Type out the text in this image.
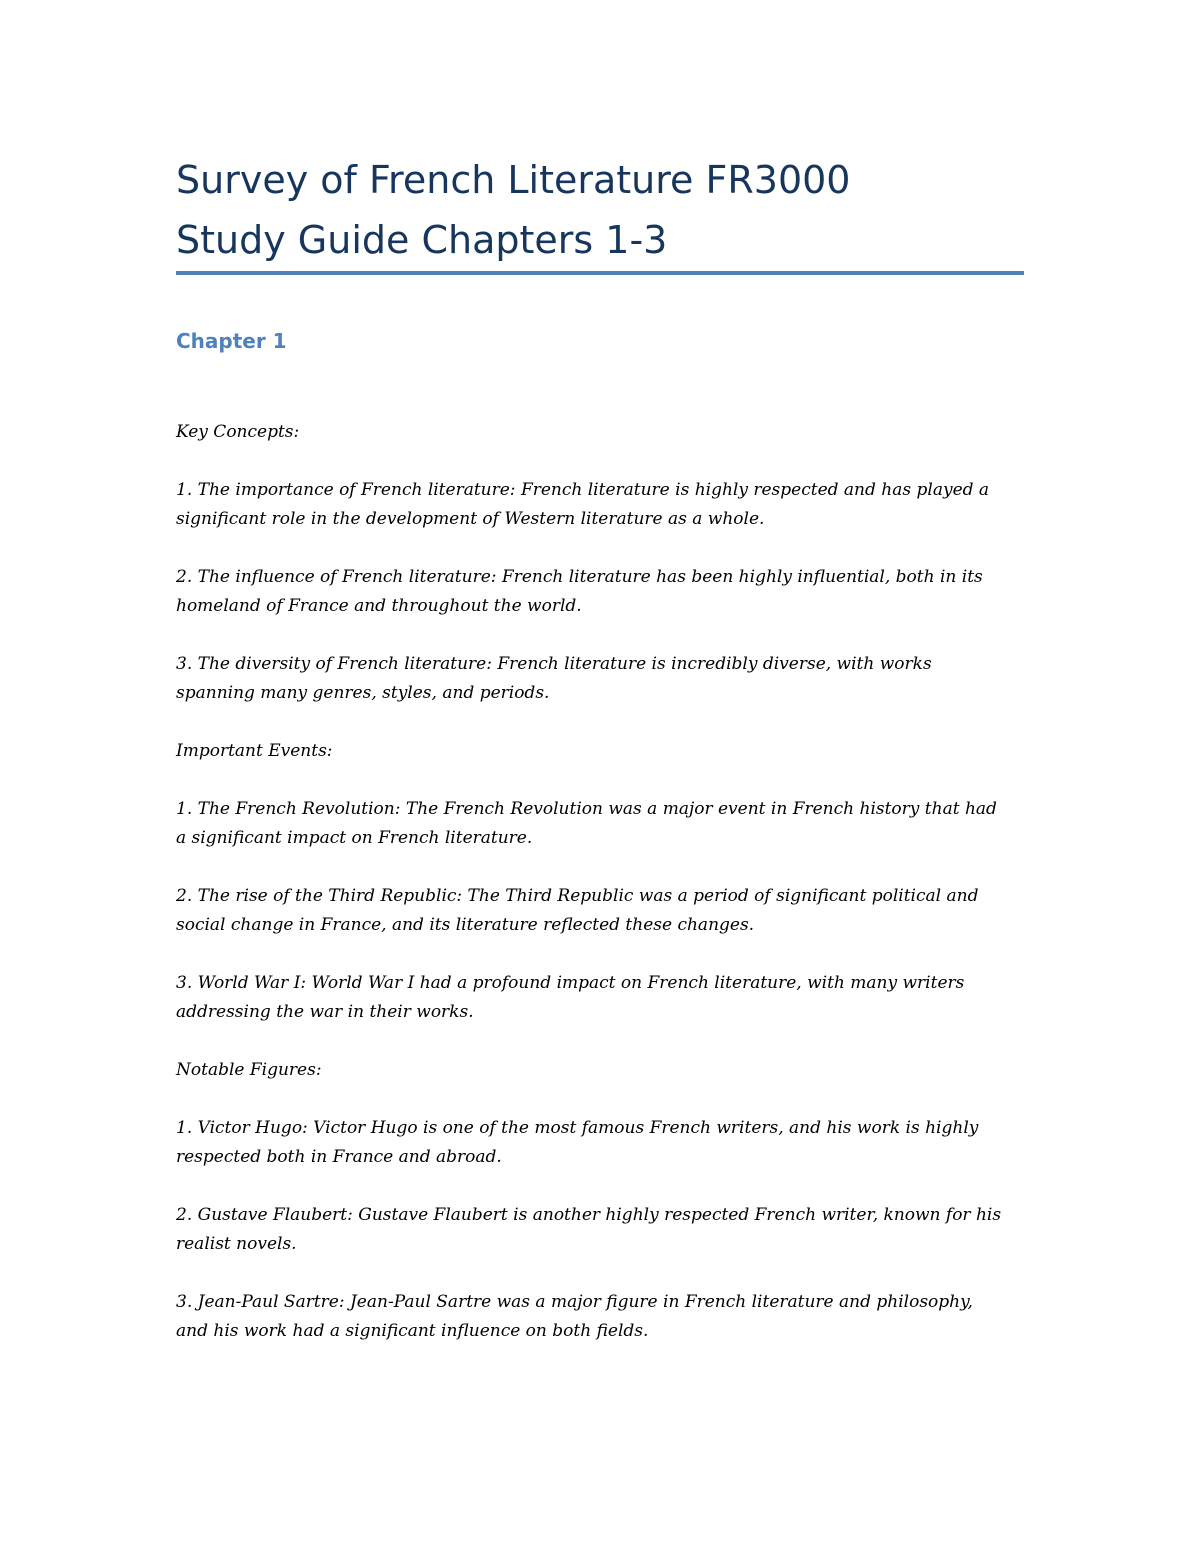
Survey of French Literature FR3000
Study Guide Chapters 1-3
Chapter 1

Key Concepts:

1. The importance of French literature: French literature is highly respected and has played a
significant role in the development of Western literature as a whole.

2. The influence of French literature: French literature has been highly influential, both in its
homeland of France and throughout the world.

3. The diversity of French literature: French literature is incredibly diverse, with works
spanning many genres, styles, and periods.

Important Events:

1. The French Revolution: The French Revolution was a major event in French history that had
a significant impact on French literature.

2. The rise of the Third Republic: The Third Republic was a period of significant political and
social change in France, and its literature reflected these changes.

3. World War I: World War I had a profound impact on French literature, with many writers
addressing the war in their works.

Notable Figures:

1. Victor Hugo: Victor Hugo is one of the most famous French writers, and his work is highly
respected both in France and abroad.

2. Gustave Flaubert: Gustave Flaubert is another highly respected French writer, known for his
realist novels.

3. Jean-Paul Sartre: Jean-Paul Sartre was a major figure in French literature and philosophy,
and his work had a significant influence on both fields.
